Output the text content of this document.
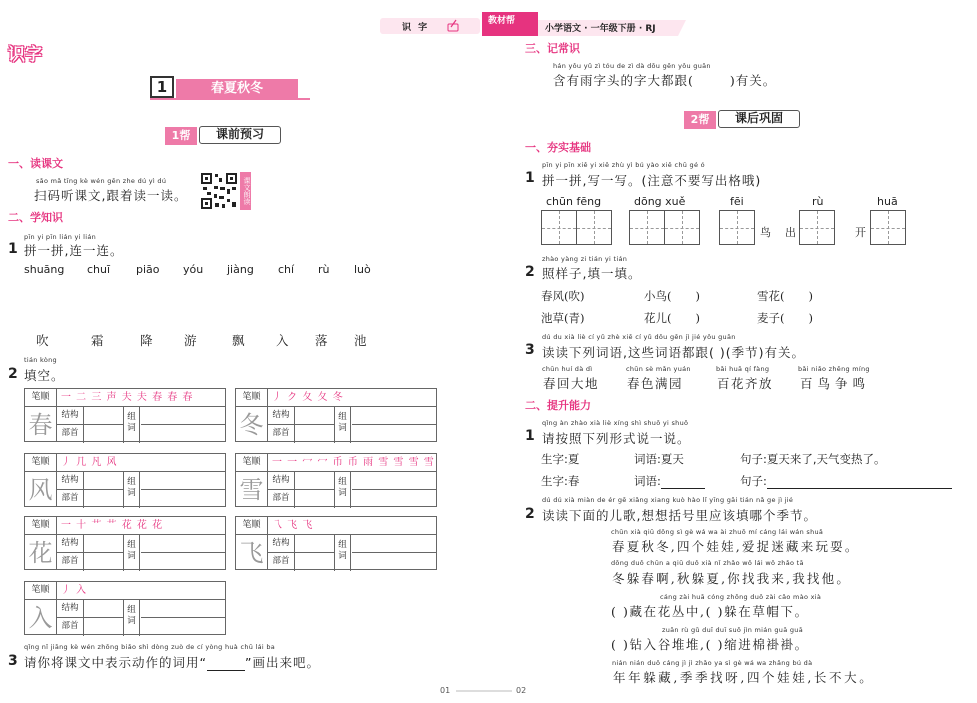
识 字
教材帮
小学语文 · 一年级下册 · RJ
识字
1	春夏秋冬
1帮	课前预习
一、读课文
sǎo mǎ tīng kè wén gēn zhe dú yì dú
扫码听课文,跟着读一读。	课文朗读
二、学知识
1
pīn yi pīn lián yi lián
拼一拼,连一连。
shuāng chuī piāo yóu jiàng chí rù luò
吹	霜	降	游	飘	入 落 池
2
tián kòng
填空。
笔顺	一 二 三 声 夫 夫 春 春 春
春	结构
部首
组词
笔顺	丿 ク 夂 夂 冬
冬	结构
部首
组词
笔顺	丿 几 凡 风
风	结构
部首
组词
笔顺	一 ⼀ 冖 冖 币 币 雨 雪 雪 雪 雪
雪	结构
部首
组词
笔顺	一 十 艹 艹 花 花 花
花	结构
部首
组词
笔顺	乁 飞 飞
飞	结构
部首
组词
笔顺	丿 入
入	结构
部首
组词
3
qǐng nǐ jiāng kè wén zhōng biǎo shì dòng zuò de cí yòng huà chū lái ba
请你将课文中表示动作的词用“	”画出来吧。
01
三、记常识
hán yǒu yǔ zì tóu de zì dà dōu gēn yǒu guān
含有雨字头的字大都跟(	)有关。
2帮	课后巩固
一、夯实基础
1
pīn yi pīn xiě yi xiě zhù yì bú yào xiě chū gé ó
拼一拼,写一写。(注意不要写出格哦)
chūn fēng	dōng xuě	fēi	rù	huā
鸟 出	开
2
zhào yàng zi tián yi tián
照样子,填一填。
春风(吹)	小鸟( )	雪花( )
池草(青)	花儿( )	麦子( )
3
dú du xià liè cí yǔ zhè xiē cí yǔ dōu gēn jì jié yǒu guān
读读下列词语,这些词语都跟( )(季节)有关。
chūn huí dà dì	chūn sè mǎn yuán	bǎi huā qí fàng	bǎi niǎo zhēng míng
春回大地 春色满园	百花齐放 百鸟争鸣
二、提升能力
1
qǐng àn zhào xià liè xíng shì shuō yi shuō
请按照下列形式说一说。
生字:夏	词语:夏天	句子:夏天来了,天气变热了。
生字:春	词语:	句子:
2
dú dú xià miàn de ér gē xiǎng xiang kuò hào lǐ yīng gāi tián nǎ ge jì jié
读读下面的儿歌,想想括号里应该填哪个季节。
chūn xià qiū dōng sì gè wá wa ài zhuō mí cáng lái wán shuǎ
春夏秋冬,四个娃娃,爱捉迷藏来玩耍。
dōng duǒ chūn a qiū duǒ xià nǐ zhǎo wǒ lái wǒ zhǎo tā
冬躲春啊,秋躲夏,你找我来,我找他。
cáng zài huā cóng zhōng duǒ zài cǎo mào xià
( )藏在花丛中,( )躲在草帽下。
zuān rù gǔ duī duī suō jìn mián guā guā
( )钻入谷堆堆,( )缩进棉褂褂。
nián nián duǒ cáng jì jì zhǎo ya sì gè wá wa zhǎng bú dà
年年躲藏,季季找呀,四个娃娃,长不大。
02
